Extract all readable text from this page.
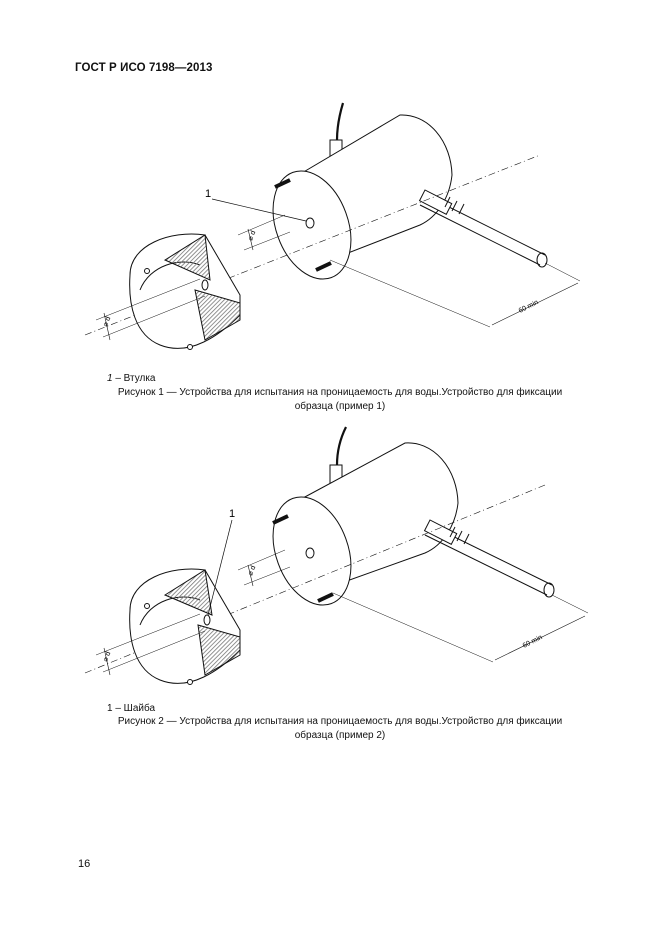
ГОСТ Р ИСО 7198—2013
1
⌀ d
⌀ d
60 min
1 – Втулка
Рисунок 1 — Устройства для испытания на проницаемость для воды.Устройство для фиксации
образца (пример 1)
1
⌀ d
⌀ d
60 min
1 – Шайба
Рисунок 2 — Устройства для испытания на проницаемость для воды.Устройство для фиксации
образца (пример 2)
16
